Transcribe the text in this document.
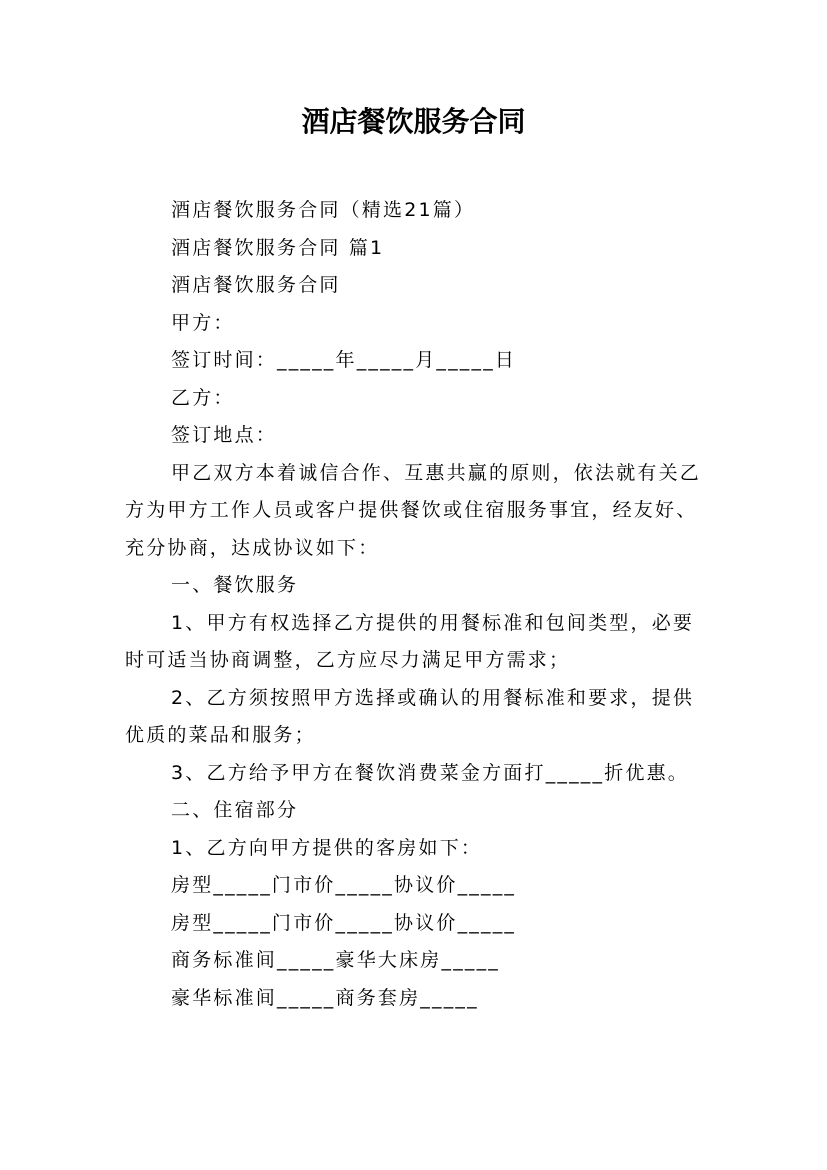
酒店餐饮服务合同

酒店餐饮服务合同（精选21篇）

酒店餐饮服务合同 篇1

酒店餐饮服务合同

甲方：

签订时间：_____年_____月_____日

乙方：

签订地点：

甲乙双方本着诚信合作、互惠共赢的原则，依法就有关乙方为甲方工作人员或客户提供餐饮或住宿服务事宜，经友好、充分协商，达成协议如下：

一、餐饮服务

1、甲方有权选择乙方提供的用餐标准和包间类型，必要时可适当协商调整，乙方应尽力满足甲方需求；

2、乙方须按照甲方选择或确认的用餐标准和要求，提供优质的菜品和服务；

3、乙方给予甲方在餐饮消费菜金方面打_____折优惠。

二、住宿部分

1、乙方向甲方提供的客房如下：

房型_____门市价_____协议价_____

房型_____门市价_____协议价_____

商务标准间_____豪华大床房_____

豪华标准间_____商务套房_____
